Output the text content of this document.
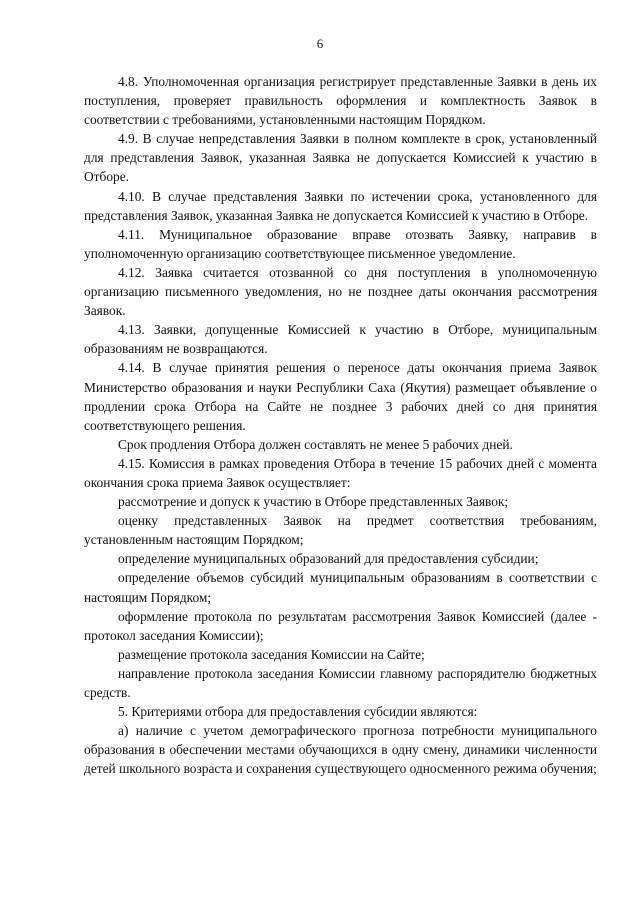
6

4.8. Уполномоченная организация регистрирует представленные Заявки в день их поступления, проверяет правильность оформления и комплектность Заявок в соответствии с требованиями, установленными настоящим Порядком.

4.9. В случае непредставления Заявки в полном комплекте в срок, установленный для представления Заявок, указанная Заявка не допускается Комиссией к участию в Отборе.

4.10. В случае представления Заявки по истечении срока, установленного для представления Заявок, указанная Заявка не допускается Комиссией к участию в Отборе.

4.11. Муниципальное образование вправе отозвать Заявку, направив в уполномоченную организацию соответствующее письменное уведомление.

4.12. Заявка считается отозванной со дня поступления в уполномоченную организацию письменного уведомления, но не позднее даты окончания рассмотрения Заявок.

4.13. Заявки, допущенные Комиссией к участию в Отборе, муниципальным образованиям не возвращаются.

4.14. В случае принятия решения о переносе даты окончания приема Заявок Министерство образования и науки Республики Саха (Якутия) размещает объявление о продлении срока Отбора на Сайте не позднее 3 рабочих дней со дня принятия соответствующего решения.

Срок продления Отбора должен составлять не менее 5 рабочих дней.

4.15. Комиссия в рамках проведения Отбора в течение 15 рабочих дней с момента окончания срока приема Заявок осуществляет:

рассмотрение и допуск к участию в Отборе представленных Заявок;

оценку представленных Заявок на предмет соответствия требованиям, установленным настоящим Порядком;

определение муниципальных образований для предоставления субсидии;

определение объемов субсидий муниципальным образованиям в соответствии с настоящим Порядком;

оформление протокола по результатам рассмотрения Заявок Комиссией (далее - протокол заседания Комиссии);

размещение протокола заседания Комиссии на Сайте;

направление протокола заседания Комиссии главному распорядителю бюджетных средств.

5. Критериями отбора для предоставления субсидии являются:

а) наличие с учетом демографического прогноза потребности муниципального образования в обеспечении местами обучающихся в одну смену, динамики численности детей школьного возраста и сохранения существующего односменного режима обучения;
